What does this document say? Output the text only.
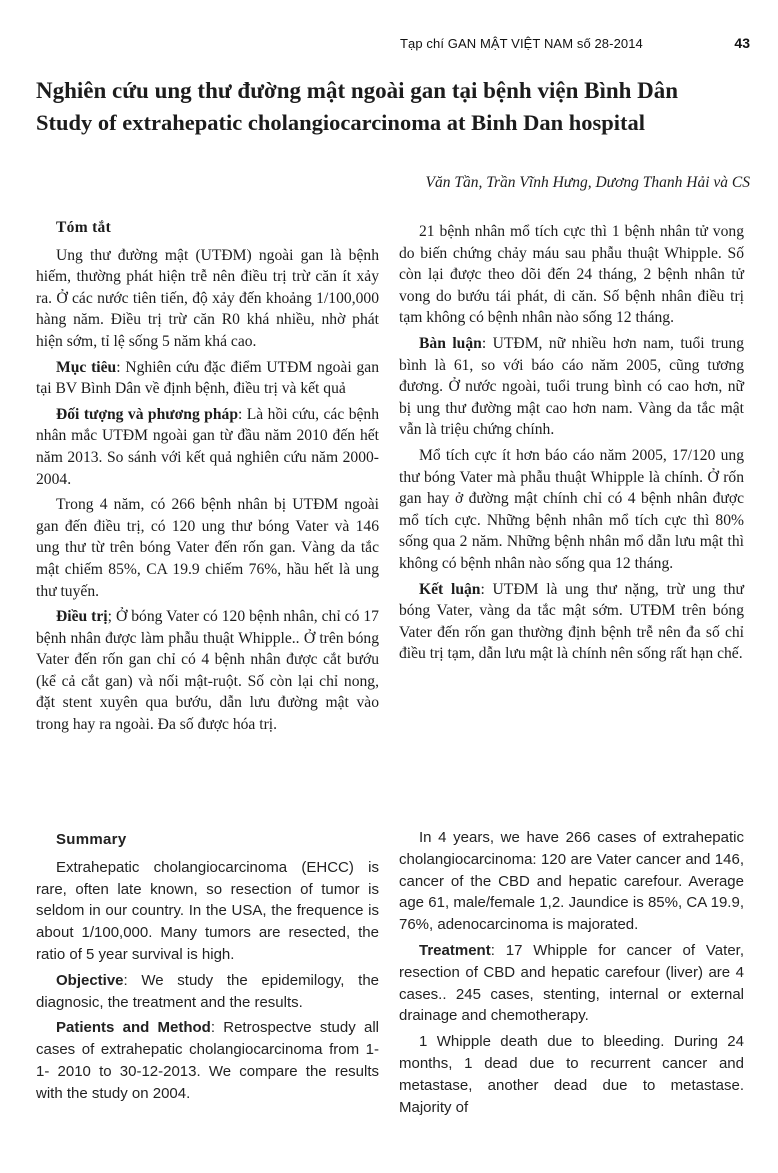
Tạp chí GAN MẬT VIỆT NAM số 28-2014	43
Nghiên cứu ung thư đường mật ngoài gan tại bệnh viện Bình Dân
Study of extrahepatic cholangiocarcinoma at Binh Dan hospital
Văn Tần, Trần Vĩnh Hưng, Dương Thanh Hải và CS
Tóm tắt

Ung thư đường mật (UTĐM) ngoài gan là bệnh hiếm, thường phát hiện trễ nên điều trị trừ căn ít xảy ra. Ở các nước tiên tiến, độ xảy đến khoảng 1/100,000 hàng năm. Điều trị trừ căn R0 khá nhiều, nhờ phát hiện sớm, tỉ lệ sống 5 năm khá cao.

Mục tiêu: Nghiên cứu đặc điểm UTĐM ngoài gan tại BV Bình Dân về định bệnh, điều trị và kết quả

Đối tượng và phương pháp: Là hồi cứu, các bệnh nhân mắc UTĐM ngoài gan từ đầu năm 2010 đến hết năm 2013. So sánh với kết quả nghiên cứu năm 2000-2004.

Trong 4 năm, có 266 bệnh nhân bị UTĐM ngoài gan đến điều trị, có 120 ung thư bóng Vater và 146 ung thư từ trên bóng Vater đến rốn gan. Vàng da tắc mật chiếm 85%, CA 19.9 chiếm 76%, hầu hết là ung thư tuyến.

Điều trị; Ở bóng Vater có 120 bệnh nhân, chỉ có 17 bệnh nhân được làm phẫu thuật Whipple.. Ở trên bóng Vater đến rốn gan chỉ có 4 bệnh nhân được cắt bướu (kể cả cắt gan) và nối mật-ruột. Số còn lại chỉ nong, đặt stent xuyên qua bướu, dẫn lưu đường mật vào trong hay ra ngoài. Đa số được hóa trị.

21 bệnh nhân mổ tích cực thì 1 bệnh nhân tử vong do biến chứng chảy máu sau phẫu thuật Whipple. Số còn lại được theo dõi đến 24 tháng, 2 bệnh nhân tử vong do bướu tái phát, di căn. Số bệnh nhân điều trị tạm không có bệnh nhân nào sống 12 tháng.

Bàn luận: UTĐM, nữ nhiều hơn nam, tuổi trung bình là 61, so với báo cáo năm 2005, cũng tương đương. Ở nước ngoài, tuổi trung bình có cao hơn, nữ bị ung thư đường mật cao hơn nam. Vàng da tắc mật vẫn là triệu chứng chính.

Mổ tích cực ít hơn báo cáo năm 2005, 17/120 ung thư bóng Vater mà phẫu thuật Whipple là chính. Ở rốn gan hay ở đường mật chính chỉ có 4 bệnh nhân được mổ tích cực. Những bệnh nhân mổ tích cực thì 80% sống qua 2 năm. Những bệnh nhân mổ dẫn lưu mật thì không có bệnh nhân nào sống qua 12 tháng.

Kết luận: UTĐM là ung thư nặng, trừ ung thư bóng Vater, vàng da tắc mật sớm. UTĐM trên bóng Vater đến rốn gan thường định bệnh trễ nên đa số chỉ điều trị tạm, dẫn lưu mật là chính nên sống rất hạn chế.

Summary

Extrahepatic cholangiocarcinoma (EHCC) is rare, often late known, so resection of tumor is seldom in our country. In the USA, the frequence is about 1/100,000. Many tumors are resected, the ratio of 5 year survival is high.

Objective: We study the epidemilogy, the diagnosic, the treatment and the results.

Patients and Method: Retrospectve study all cases of extrahepatic cholangiocarcinoma from 1-1- 2010 to 30-12-2013. We compare the results with the study on 2004.

In 4 years, we have 266 cases of extrahepatic cholangiocarcinoma: 120 are Vater cancer and 146, cancer of the CBD and hepatic carefour. Average age 61, male/female 1,2. Jaundice is 85%, CA 19.9, 76%, adenocarcinoma is majorated.

Treatment: 17 Whipple for cancer of Vater, resection of CBD and hepatic carefour (liver) are 4 cases.. 245 cases, stenting, internal or external drainage and chemotherapy.

1 Whipple death due to bleeding. During 24 months, 1 dead due to recurrent cancer and metastase, another dead due to metastase. Majority of
